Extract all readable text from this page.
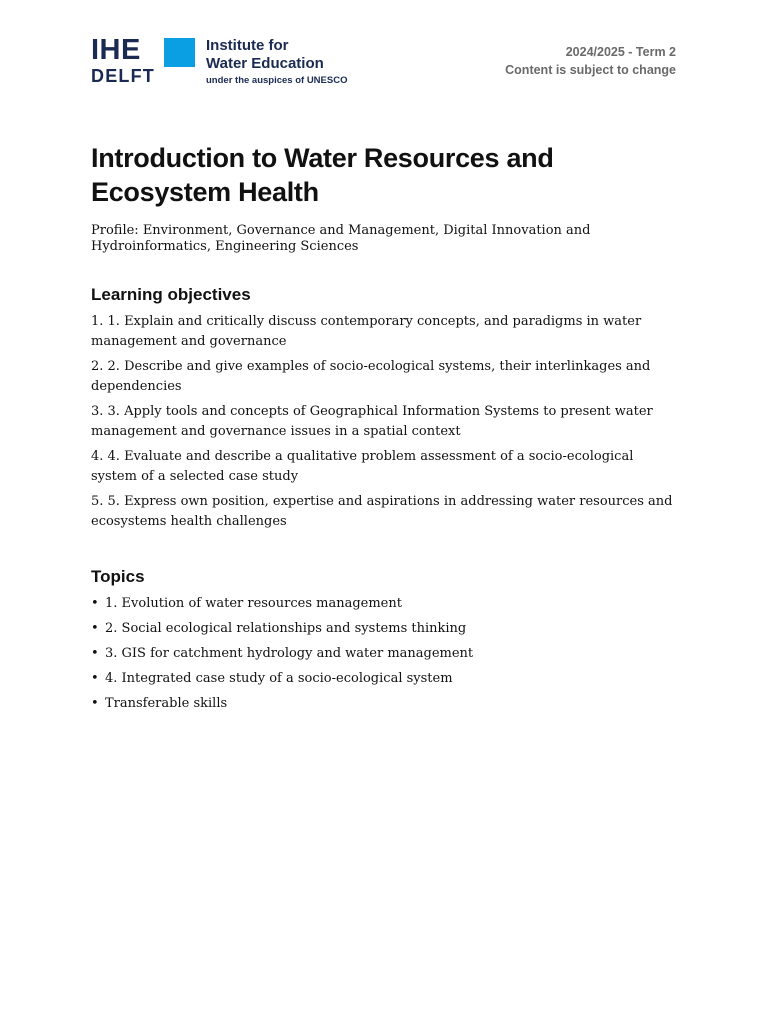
IHE
DELFT
Institute for
Water Education
under the auspices of UNESCO
2024/2025 - Term 2
Content is subject to change
Introduction to Water Resources and Ecosystem Health
Profile: Environment, Governance and Management, Digital Innovation and Hydroinformatics, Engineering Sciences
Learning objectives
1. 1. Explain and critically discuss contemporary concepts, and paradigms in water management and governance
2. 2. Describe and give examples of socio-ecological systems, their interlinkages and dependencies
3. 3. Apply tools and concepts of Geographical Information Systems to present water management and governance issues in a spatial context
4. 4. Evaluate and describe a qualitative problem assessment of a socio-ecological system of a selected case study
5. 5. Express own position, expertise and aspirations in addressing water resources and ecosystems health challenges
Topics
• 1. Evolution of water resources management
• 2. Social ecological relationships and systems thinking
• 3. GIS for catchment hydrology and water management
• 4. Integrated case study of a socio-ecological system
• Transferable skills
